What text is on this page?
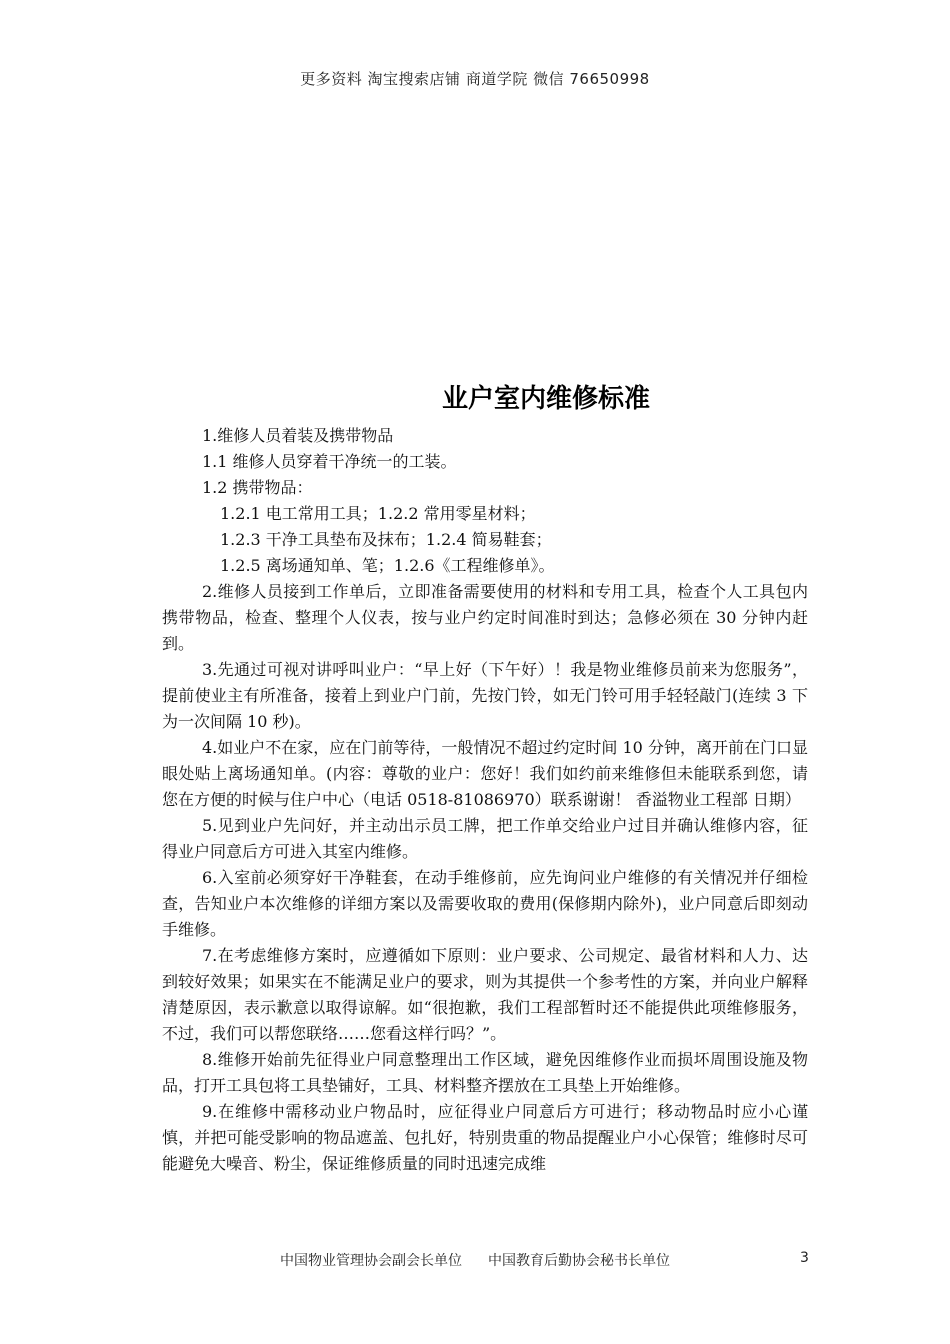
更多资料 淘宝搜索店铺 商道学院 微信 76650998
业户室内维修标准

1.维修人员着装及携带物品

1.1 维修人员穿着干净统一的工装。

1.2 携带物品：

1.2.1 电工常用工具；1.2.2 常用零星材料；

1.2.3 干净工具垫布及抹布；1.2.4 简易鞋套；

1.2.5 离场通知单、笔；1.2.6《工程维修单》。

2.维修人员接到工作单后，立即准备需要使用的材料和专用工具，检查个人工具包内携带物品，检查、整理个人仪表，按与业户约定时间准时到达；急修必须在 30 分钟内赶到。

3.先通过可视对讲呼叫业户：“早上好（下午好）！我是物业维修员前来为您服务”，提前使业主有所准备，接着上到业户门前，先按门铃，如无门铃可用手轻轻敲门(连续 3 下为一次间隔 10 秒)。

4.如业户不在家，应在门前等待，一般情况不超过约定时间 10 分钟，离开前在门口显眼处贴上离场通知单。(内容：尊敬的业户：您好！我们如约前来维修但未能联系到您，请您在方便的时候与住户中心（电话 0518-81086970）联系谢谢！ 香溢物业工程部 日期）

5.见到业户先问好，并主动出示员工牌，把工作单交给业户过目并确认维修内容，征得业户同意后方可进入其室内维修。

6.入室前必须穿好干净鞋套，在动手维修前，应先询问业户维修的有关情况并仔细检查，告知业户本次维修的详细方案以及需要收取的费用(保修期内除外)，业户同意后即刻动手维修。

7.在考虑维修方案时，应遵循如下原则：业户要求、公司规定、最省材料和人力、达到较好效果；如果实在不能满足业户的要求，则为其提供一个参考性的方案，并向业户解释清楚原因，表示歉意以取得谅解。如“很抱歉，我们工程部暂时还不能提供此项维修服务，不过，我们可以帮您联络……您看这样行吗？”。

8.维修开始前先征得业户同意整理出工作区域，避免因维修作业而损坏周围设施及物品，打开工具包将工具垫铺好，工具、材料整齐摆放在工具垫上开始维修。

9.在维修中需移动业户物品时，应征得业户同意后方可进行；移动物品时应小心谨慎，并把可能受影响的物品遮盖、包扎好，特别贵重的物品提醒业户小心保管；维修时尽可能避免大噪音、粉尘，保证维修质量的同时迅速完成维

中国物业管理协会副会长单位 中国教育后勤协会秘书长单位	3
